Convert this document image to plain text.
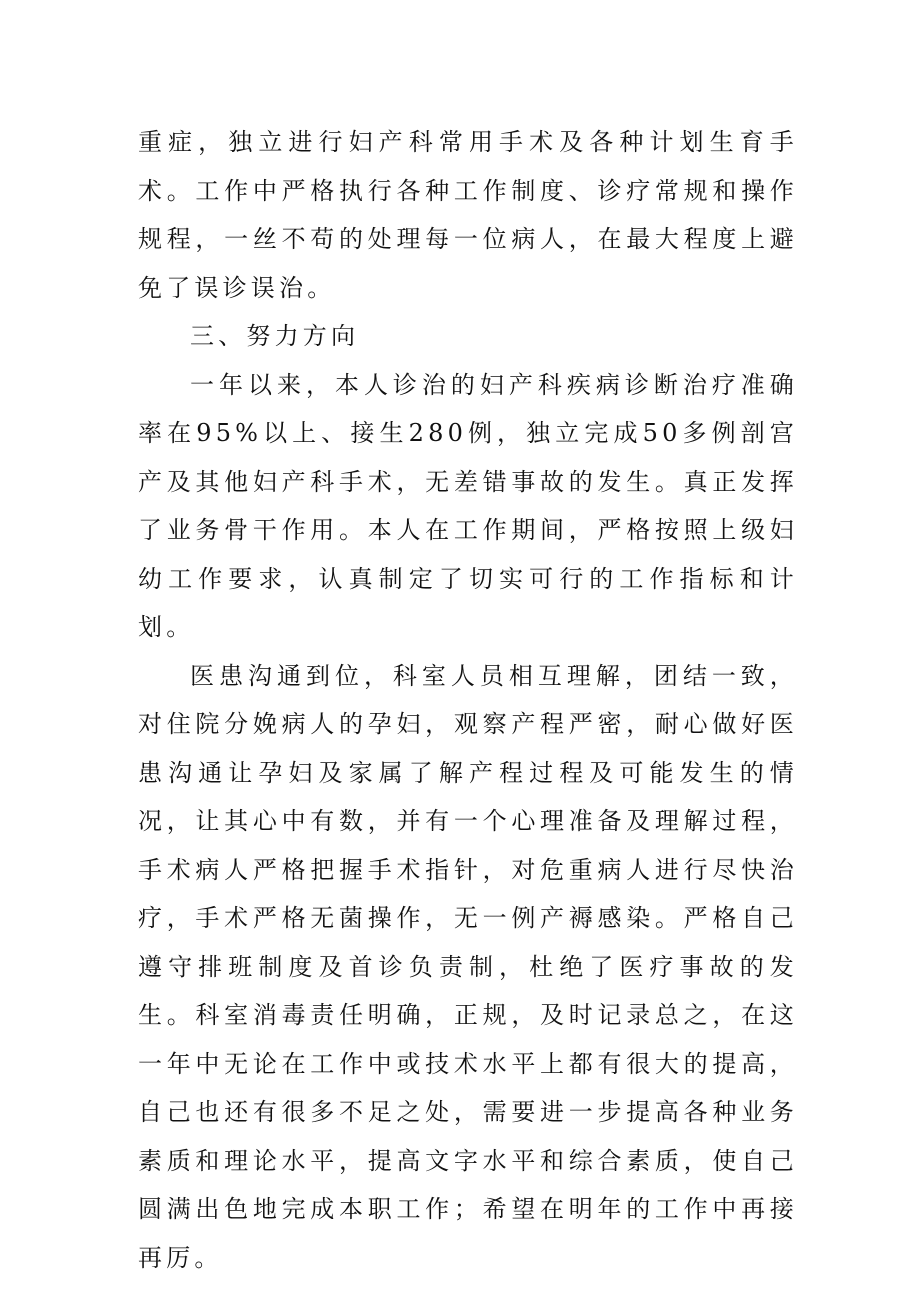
重症，独立进行妇产科常用手术及各种计划生育手术。工作中严格执行各种工作制度、诊疗常规和操作规程，一丝不苟的处理每一位病人，在最大程度上避免了误诊误治。

三、努力方向

一年以来，本人诊治的妇产科疾病诊断治疗准确率在95%以上、接生280例，独立完成50多例剖宫产及其他妇产科手术，无差错事故的发生。真正发挥了业务骨干作用。本人在工作期间，严格按照上级妇幼工作要求，认真制定了切实可行的工作指标和计划。

医患沟通到位，科室人员相互理解，团结一致，对住院分娩病人的孕妇，观察产程严密，耐心做好医患沟通让孕妇及家属了解产程过程及可能发生的情况，让其心中有数，并有一个心理准备及理解过程，手术病人严格把握手术指针，对危重病人进行尽快治疗，手术严格无菌操作，无一例产褥感染。严格自己遵守排班制度及首诊负责制，杜绝了医疗事故的发生。科室消毒责任明确，正规，及时记录总之，在这一年中无论在工作中或技术水平上都有很大的提高，自己也还有很多不足之处，需要进一步提高各种业务素质和理论水平，提高文字水平和综合素质，使自己圆满出色地完成本职工作；希望在明年的工作中再接再厉。
